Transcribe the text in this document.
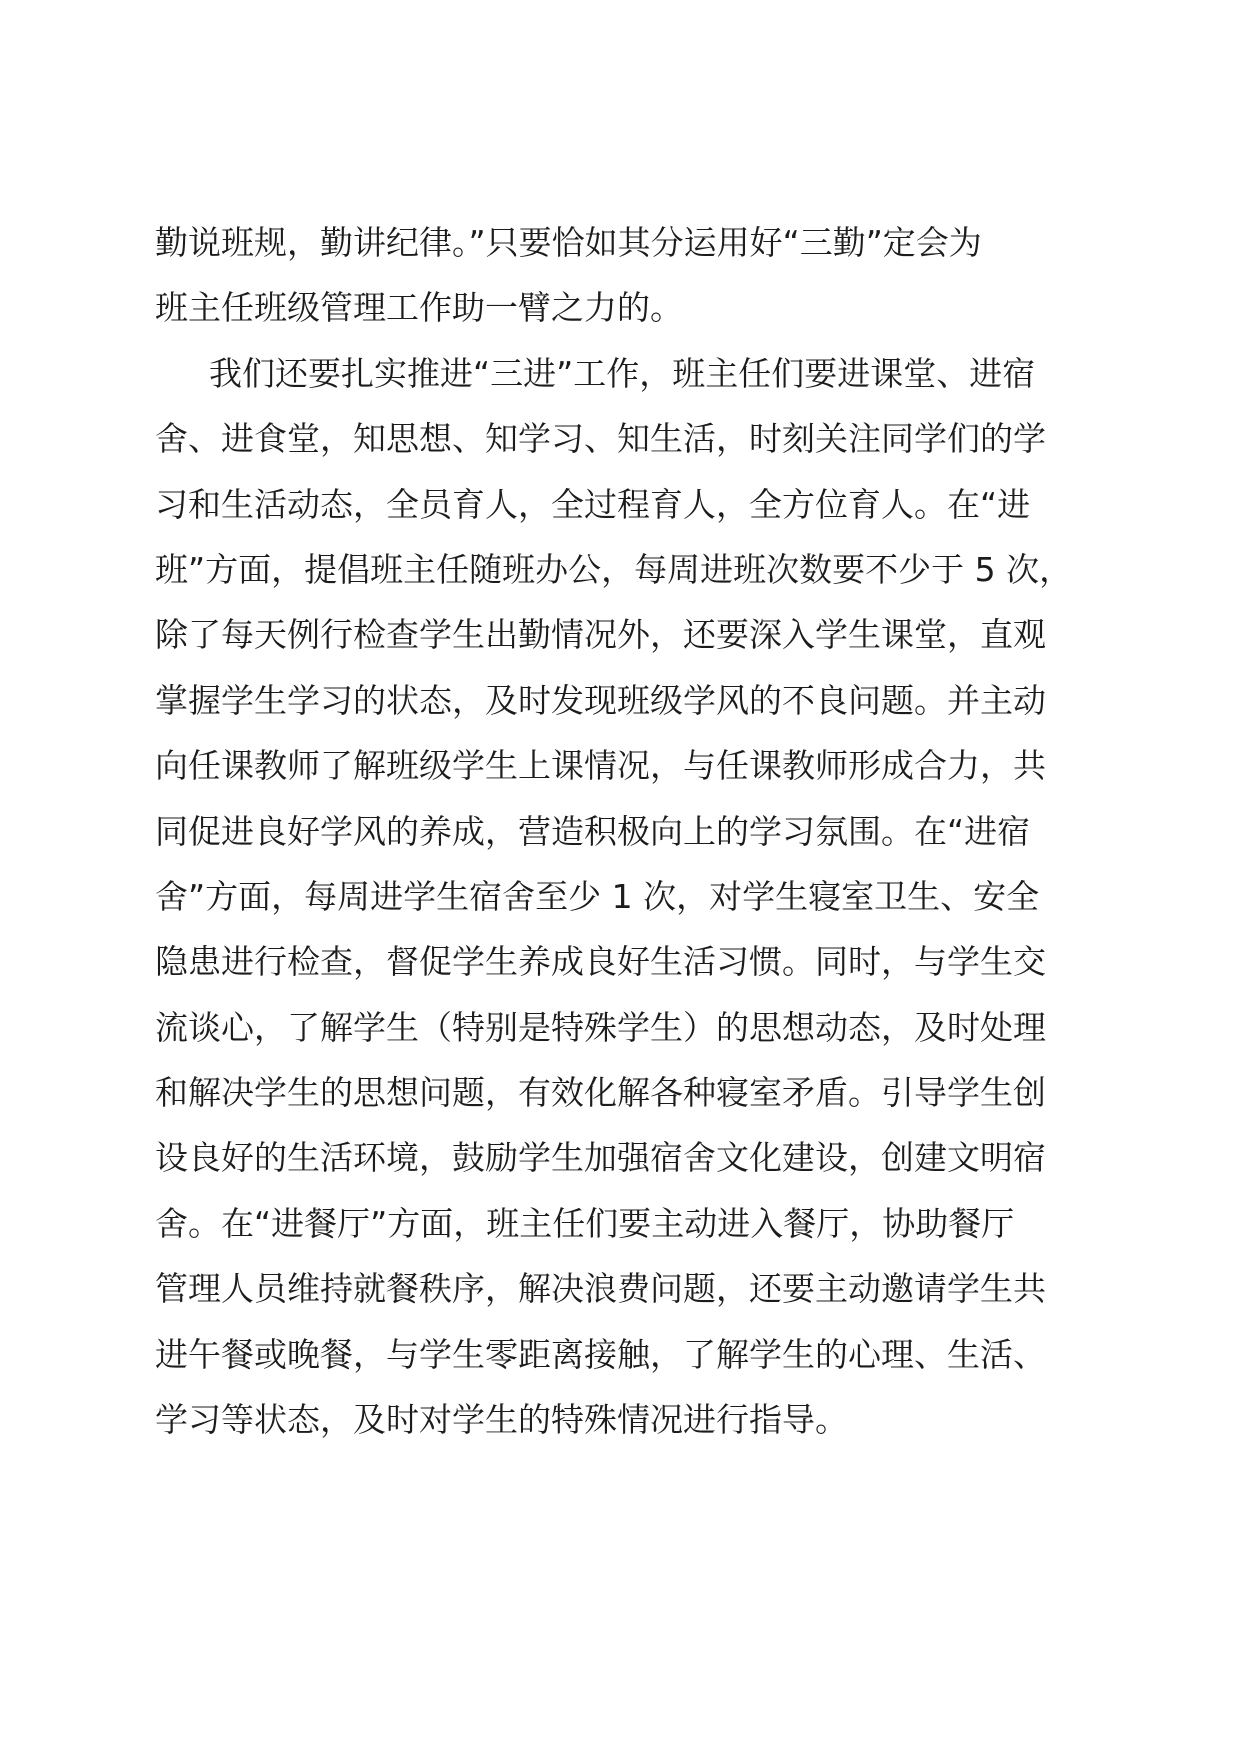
勤说班规，勤讲纪律。”只要恰如其分运用好“三勤”定会为
班主任班级管理工作助一臂之力的。
我们还要扎实推进“三进”工作，班主任们要进课堂、进宿
舍、进食堂，知思想、知学习、知生活，时刻关注同学们的学
习和生活动态，全员育人，全过程育人，全方位育人。在“进
班”方面，提倡班主任随班办公，每周进班次数要不少于 5 次，
除了每天例行检查学生出勤情况外，还要深入学生课堂，直观
掌握学生学习的状态，及时发现班级学风的不良问题。并主动
向任课教师了解班级学生上课情况，与任课教师形成合力，共
同促进良好学风的养成，营造积极向上的学习氛围。在“进宿
舍”方面，每周进学生宿舍至少 1 次，对学生寝室卫生、安全
隐患进行检查，督促学生养成良好生活习惯。同时，与学生交
流谈心，了解学生（特别是特殊学生）的思想动态，及时处理
和解决学生的思想问题，有效化解各种寝室矛盾。引导学生创
设良好的生活环境，鼓励学生加强宿舍文化建设，创建文明宿
舍。在“进餐厅”方面，班主任们要主动进入餐厅，协助餐厅
管理人员维持就餐秩序，解决浪费问题，还要主动邀请学生共
进午餐或晚餐，与学生零距离接触，了解学生的心理、生活、
学习等状态，及时对学生的特殊情况进行指导。
